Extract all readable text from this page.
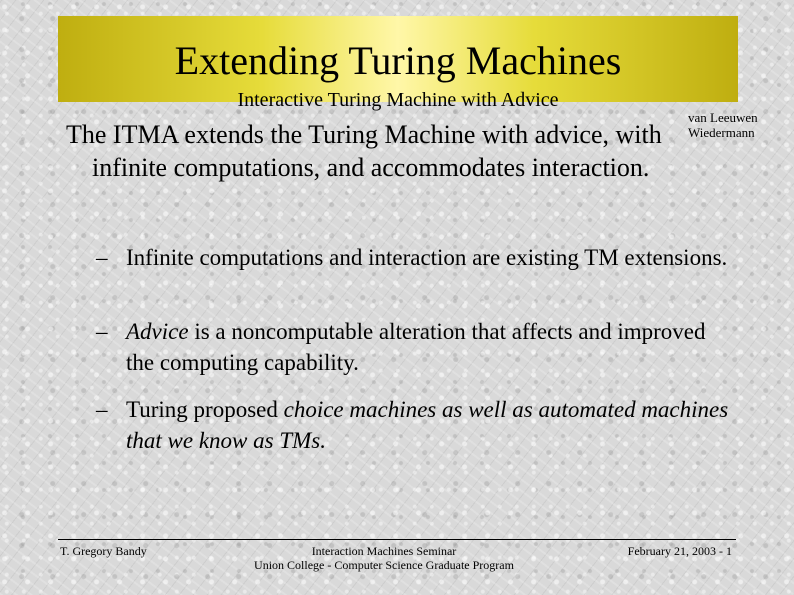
Extending Turing Machines
Interactive Turing Machine with Advice
van Leeuwen
Wiedermann
The ITMA extends the Turing Machine with advice, with infinite computations, and accommodates interaction.
– Infinite computations and interaction are existing TM extensions.
– Advice is a noncomputable alteration that affects and improved the computing capability.
– Turing proposed choice machines as well as automated machines that we know as TMs.
T. Gregory Bandy	Interaction Machines Seminar
Union College - Computer Science Graduate Program
February 21, 2003 - 1
